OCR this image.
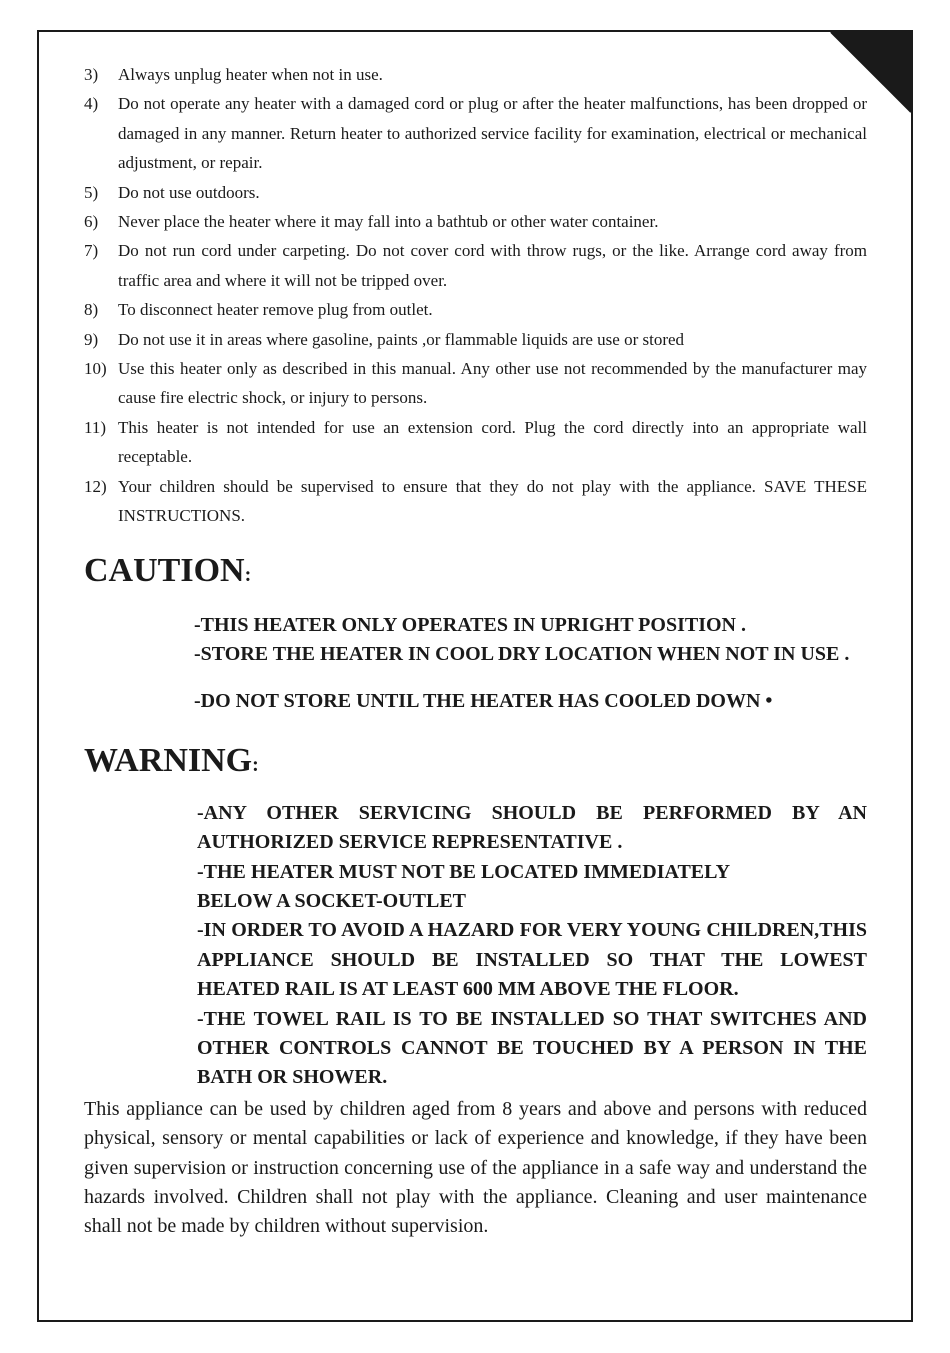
3)	Always unplug heater when not in use.
4)	Do not operate any heater with a damaged cord or plug or after the heater malfunctions, has been dropped or damaged in any manner. Return heater to authorized service facility for examination, electrical or mechanical adjustment, or repair.
5)	Do not use outdoors.
6)	Never place the heater where it may fall into a bathtub or other water container.
7)	Do not run cord under carpeting. Do not cover cord with throw rugs, or the like. Arrange cord away from traffic area and where it will not be tripped over.
8)	To disconnect heater remove plug from outlet.
9)	Do not use it in areas where gasoline, paints ,or flammable liquids are use or stored
10) Use this heater only as described in this manual. Any other use not recommended by the manufacturer may cause fire electric shock, or injury to persons.
11) This heater is not intended for use an extension cord. Plug the cord directly into an appropriate wall receptable.
12) Your children should be supervised to ensure that they do not play with the appliance. SAVE THESE INSTRUCTIONS.
CAUTION:

-THIS HEATER ONLY OPERATES IN UPRIGHT POSITION .

-STORE THE HEATER IN COOL DRY LOCATION WHEN NOT IN USE .

-DO NOT STORE UNTIL THE HEATER HAS COOLED DOWN •

WARNING:

-ANY OTHER SERVICING SHOULD BE PERFORMED BY AN AUTHORIZED SERVICE REPRESENTATIVE .

-THE HEATER MUST NOT BE LOCATED IMMEDIATELY

BELOW A SOCKET-OUTLET

-IN ORDER TO AVOID A HAZARD FOR VERY YOUNG CHILDREN,THIS APPLIANCE SHOULD BE INSTALLED SO THAT THE LOWEST HEATED RAIL IS AT LEAST 600 MM ABOVE THE FLOOR.

-THE TOWEL RAIL IS TO BE INSTALLED SO THAT SWITCHES AND OTHER CONTROLS CANNOT BE TOUCHED BY A PERSON IN THE BATH OR SHOWER.

This appliance can be used by children aged from 8 years and above and persons with reduced physical, sensory or mental capabilities or lack of experience and knowledge, if they have been given supervision or instruction concerning use of the appliance in a safe way and understand the hazards involved. Children shall not play with the appliance. Cleaning and user maintenance shall not be made by children without supervision.
